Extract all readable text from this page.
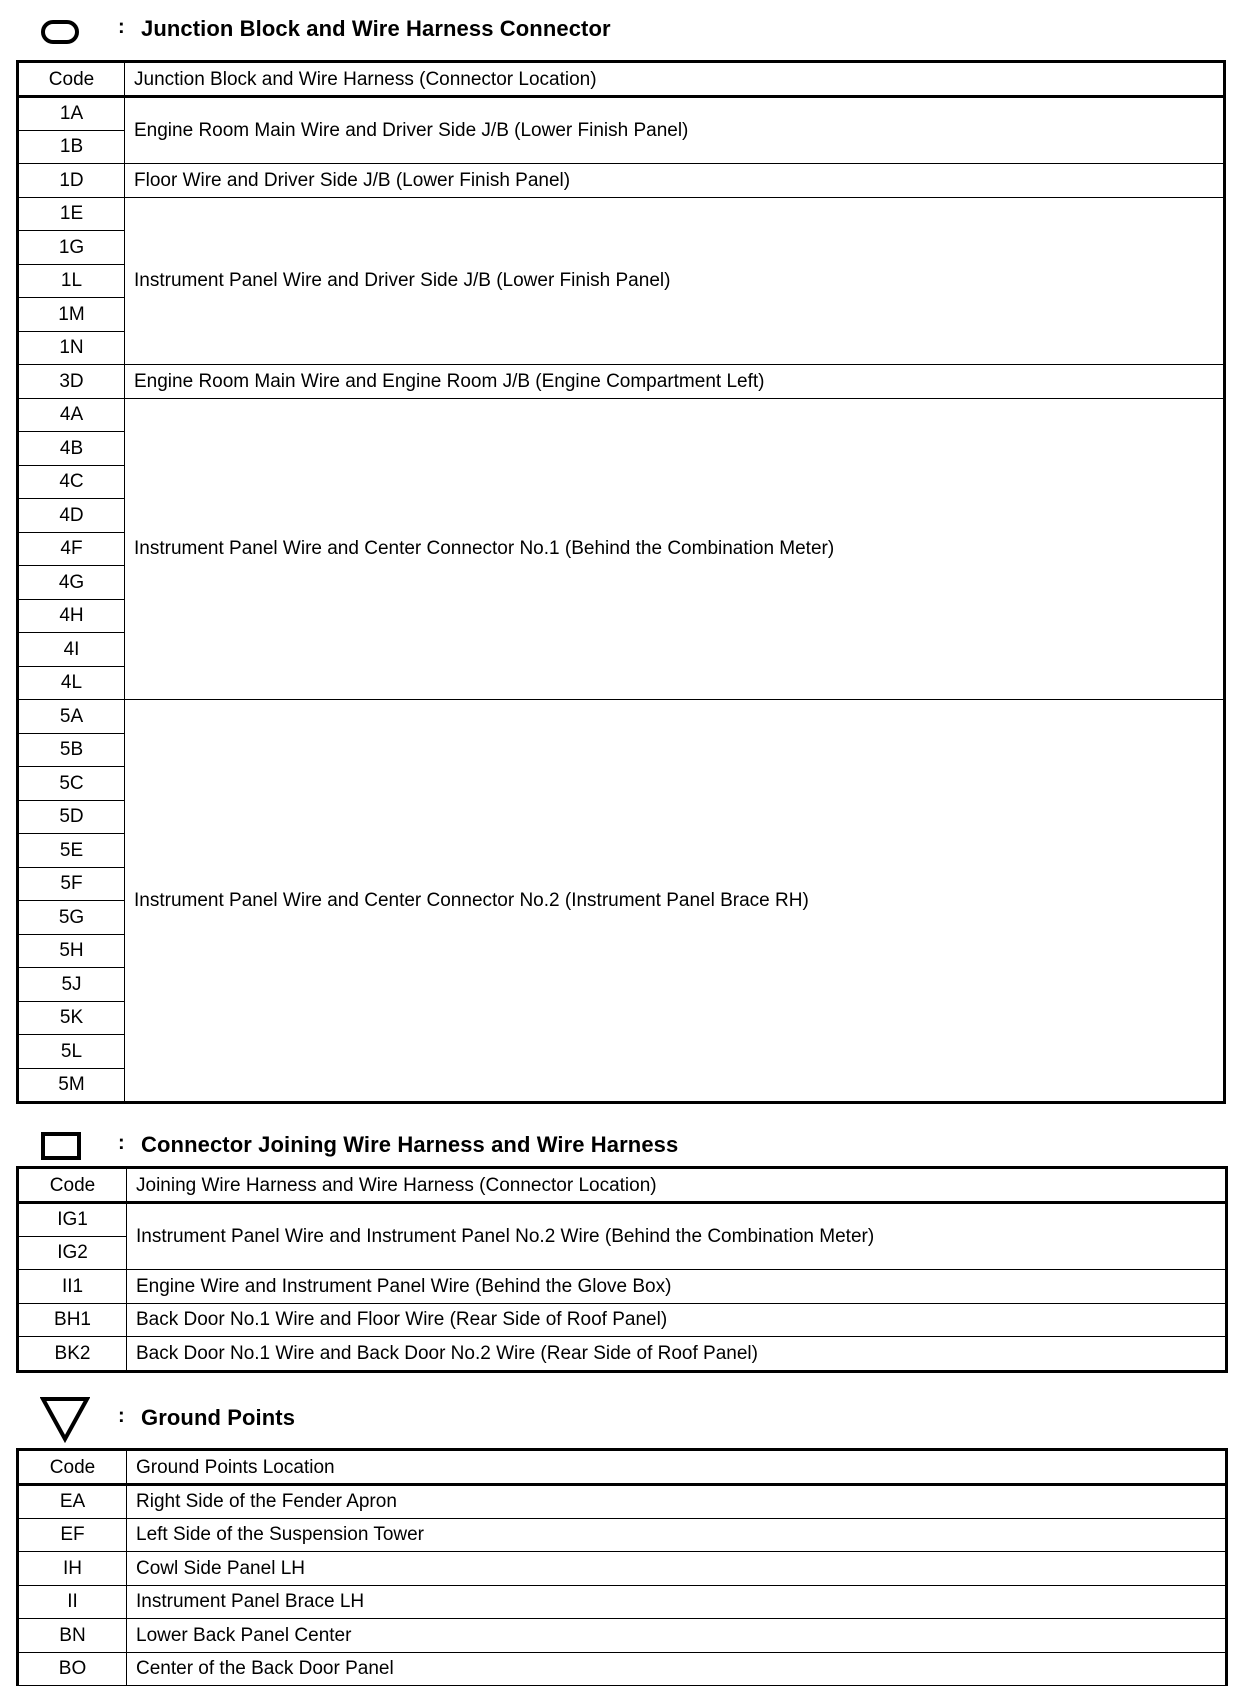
: Junction Block and Wire Harness Connector
Code	Junction Block and Wire Harness (Connector Location)
1A	Engine Room Main Wire and Driver Side J/B (Lower Finish Panel)
1B	
1D	Floor Wire and Driver Side J/B (Lower Finish Panel)
1E	Instrument Panel Wire and Driver Side J/B (Lower Finish Panel)
1G	
1L	
1M	
1N	
3D	Engine Room Main Wire and Engine Room J/B (Engine Compartment Left)
4A	Instrument Panel Wire and Center Connector No.1 (Behind the Combination Meter)
4B	
4C	
4D	
4F	
4G	
4H	
4I	
4L	
5A	Instrument Panel Wire and Center Connector No.2 (Instrument Panel Brace RH)
5B	
5C	
5D	
5E	
5F	
5G	
5H	
5J	
5K	
5L	
5M	
: Connector Joining Wire Harness and Wire Harness
Code	Joining Wire Harness and Wire Harness (Connector Location)
IG1	Instrument Panel Wire and Instrument Panel No.2 Wire (Behind the Combination Meter)
IG2	
II1	Engine Wire and Instrument Panel Wire (Behind the Glove Box)
BH1	Back Door No.1 Wire and Floor Wire (Rear Side of Roof Panel)
BK2	Back Door No.1 Wire and Back Door No.2 Wire (Rear Side of Roof Panel)
: Ground Points
Code	Ground Points Location
EA	Right Side of the Fender Apron
EF	Left Side of the Suspension Tower
IH	Cowl Side Panel LH
II	Instrument Panel Brace LH
BN	Lower Back Panel Center
BO	Center of the Back Door Panel
